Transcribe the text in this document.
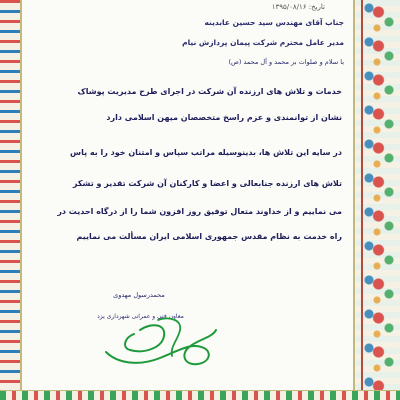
تاریخ: ۱۳۹۵/۰۸/۱۶
جناب آقای مهندس سید حسین عابدینه
مدیر عامل محترم شرکت پیمان پردازش نیام
با سلام و صلوات بر محمد و آل محمد (ص)
خدمات و تلاش های ارزنده آن شرکت در اجرای طرح مدیریت پوشاک
نشان از توانمندی و عزم راسخ متخصصان میهن اسلامی دارد
در سایه این تلاش ها، بدینوسیله مراتب سپاس و امتنان خود را به پاس
تلاش های ارزنده جنابعالی و اعضا و کارکنان آن شرکت تقدیر و تشکر
می نماییم و از خداوند متعال توفیق روز افزون شما را از درگاه احدیت در
راه خدمت به نظام مقدس جمهوری اسلامی ایران مسألت می نماییم
محمدرسول مهدوی
معاون فنی و عمرانی شهرداری یزد
